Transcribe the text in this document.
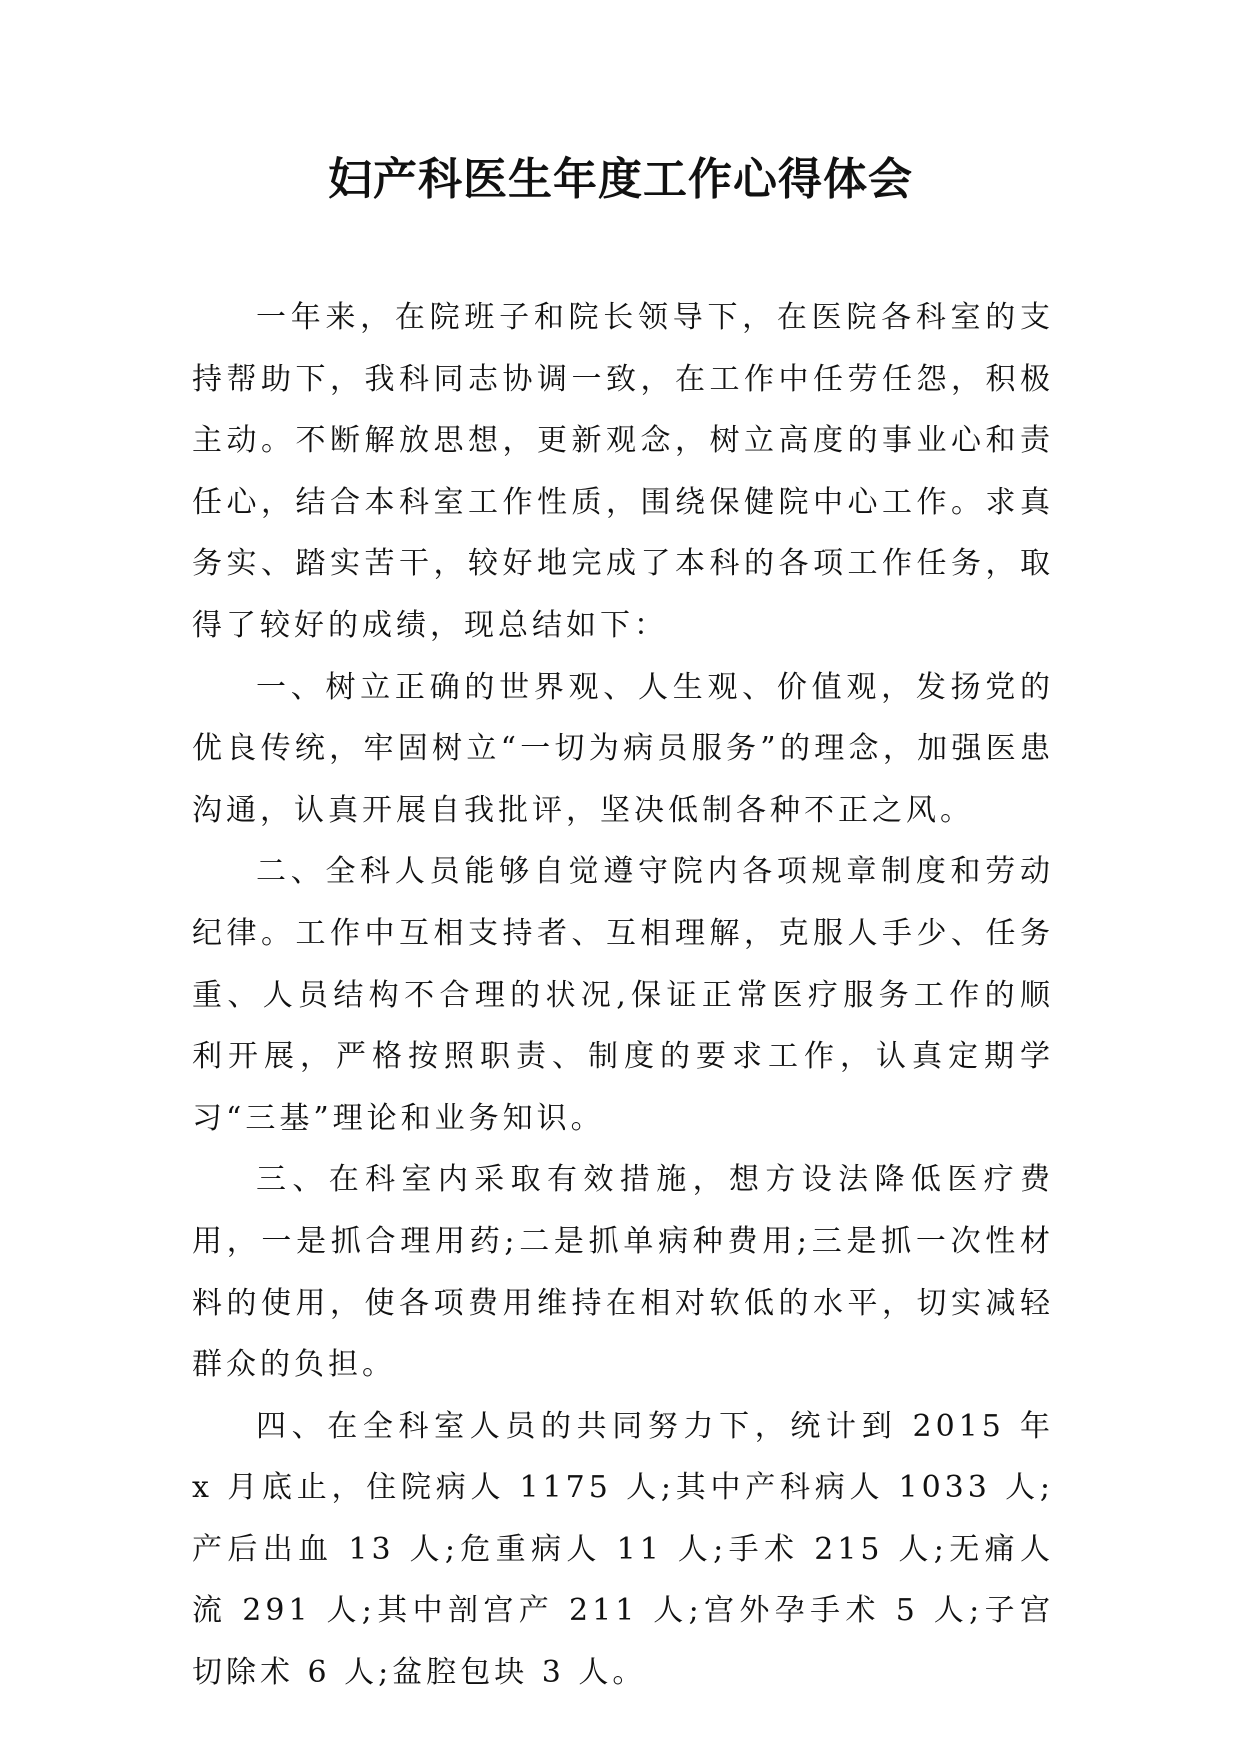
妇产科医生年度工作心得体会

一年来，在院班子和院长领导下，在医院各科室的支持帮助下，我科同志协调一致，在工作中任劳任怨，积极主动。不断解放思想，更新观念，树立高度的事业心和责任心，结合本科室工作性质，围绕保健院中心工作。求真务实、踏实苦干，较好地完成了本科的各项工作任务，取得了较好的成绩，现总结如下：

一、树立正确的世界观、人生观、价值观，发扬党的优良传统，牢固树立“一切为病员服务”的理念，加强医患沟通，认真开展自我批评，坚决低制各种不正之风。

二、全科人员能够自觉遵守院内各项规章制度和劳动纪律。工作中互相支持者、互相理解，克服人手少、任务重、人员结构不合理的状况,保证正常医疗服务工作的顺利开展，严格按照职责、制度的要求工作，认真定期学习“三基”理论和业务知识。

三、在科室内采取有效措施，想方设法降低医疗费用，一是抓合理用药;二是抓单病种费用;三是抓一次性材料的使用，使各项费用维持在相对软低的水平，切实减轻群众的负担。

四、在全科室人员的共同努力下，统计到 2015 年 x 月底止，住院病人 1175 人;其中产科病人 1033 人;产后出血 13 人;危重病人 11 人;手术 215 人;无痛人流 291 人;其中剖宫产 211 人;宫外孕手术 5 人;子宫切除术 6 人;盆腔包块 3 人。
